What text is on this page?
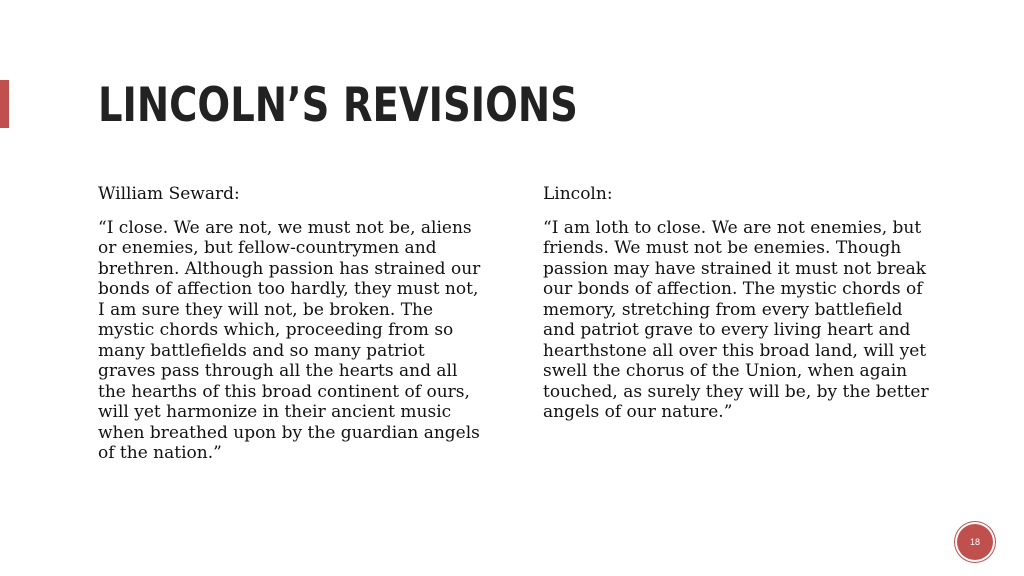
LINCOLN’S REVISIONS

William Seward:

“I close. We are not, we must not be, aliens or enemies, but fellow-countrymen and brethren. Although passion has strained our bonds of affection too hardly, they must not, I am sure they will not, be broken. The mystic chords which, proceeding from so many battlefields and so many patriot graves pass through all the hearts and all the hearths of this broad continent of ours, will yet harmonize in their ancient music when breathed upon by the guardian angels of the nation.”

Lincoln:

“I am loth to close. We are not enemies, but friends. We must not be enemies. Though passion may have strained it must not break our bonds of affection. The mystic chords of memory, stretching from every battlefield and patriot grave to every living heart and hearthstone all over this broad land, will yet swell the chorus of the Union, when again touched, as surely they will be, by the better angels of our nature.”

18
